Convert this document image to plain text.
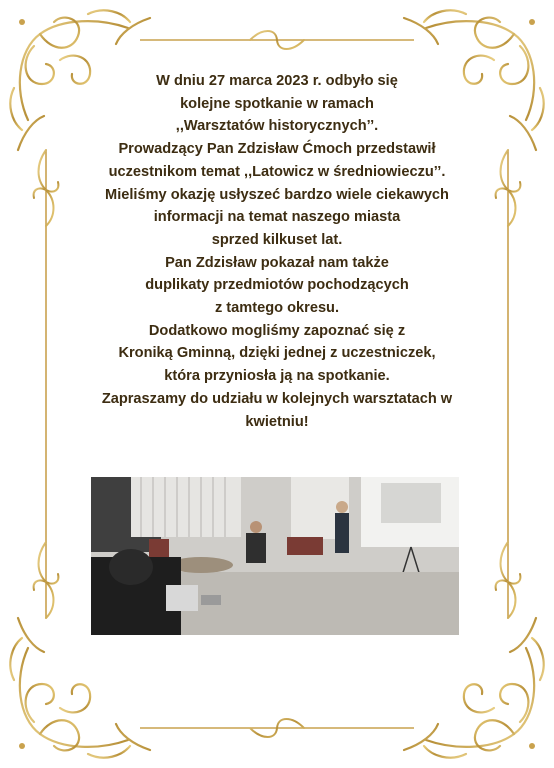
W dniu 27 marca 2023 r. odbyło się
kolejne spotkanie w ramach
,,Warsztatów historycznych’’.
Prowadzący Pan Zdzisław Ćmoch przedstawił
uczestnikom temat ,,Latowicz w średniowieczu’’.
Mieliśmy okazję usłyszeć bardzo wiele ciekawych
informacji na temat naszego miasta
sprzed kilkuset lat.
Pan Zdzisław pokazał nam także
duplikaty przedmiotów pochodzących
z tamtego okresu.
Dodatkowo mogliśmy zapoznać się z
Kroniką Gminną, dzięki jednej z uczestniczek,
która przyniosła ją na spotkanie.
Zapraszamy do udziału w kolejnych warsztatach w
kwietniu!
